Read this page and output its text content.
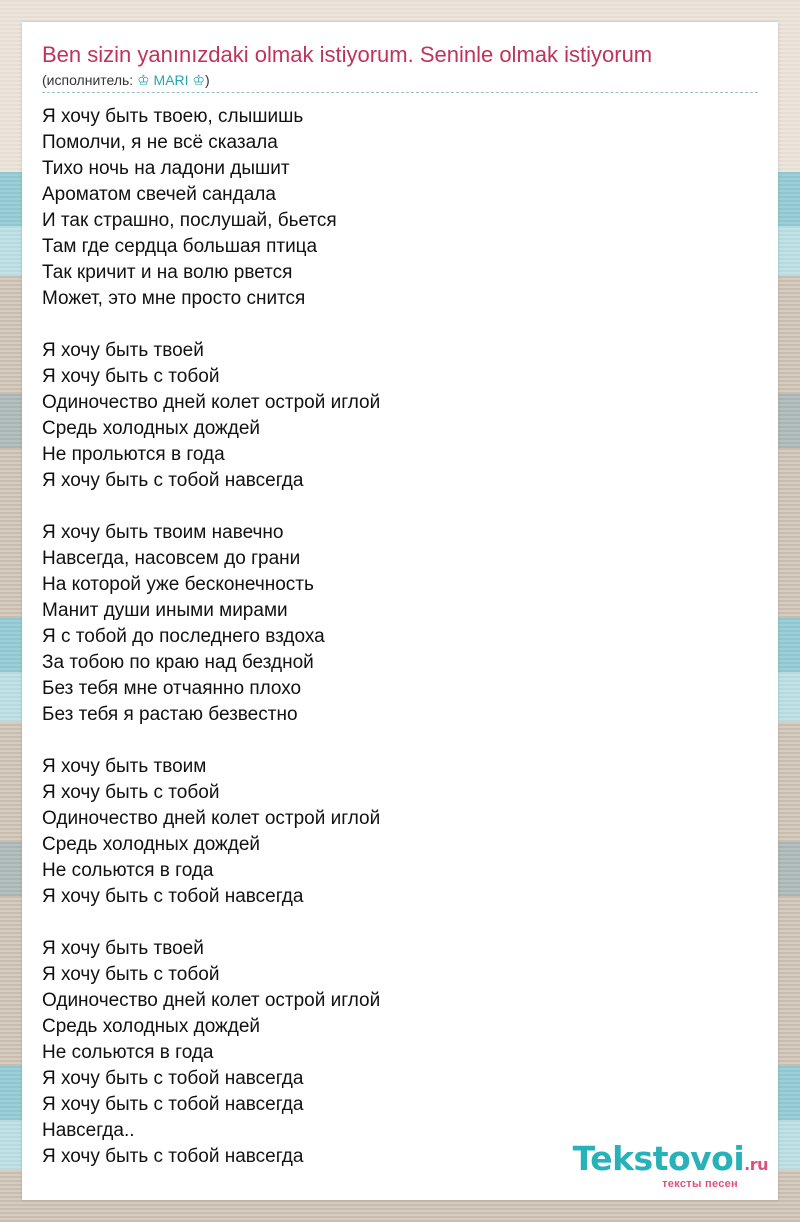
Ben sizin yanınızdaki olmak istiyorum. Seninle olmak istiyorum
(исполнитель: ♔ MARI ♔)
Я хочу быть твоею, слышишь
Помолчи, я не всё сказала
Тихо ночь на ладони дышит
Ароматом свечей сандала
И так страшно, послушай, бьется
Там где сердца большая птица
Так кричит и на волю рвется
Может, это мне просто снится
Я хочу быть твоей
Я хочу быть с тобой
Одиночество дней колет острой иглой
Средь холодных дождей
Не прольются в года
Я хочу быть с тобой навсегда
Я хочу быть твоим навечно
Навсегда, насовсем до грани
На которой уже бесконечность
Манит души иными мирами
Я с тобой до последнего вздоха
За тобою по краю над бездной
Без тебя мне отчаянно плохо
Без тебя я растаю безвестно
Я хочу быть твоим
Я хочу быть с тобой
Одиночество дней колет острой иглой
Средь холодных дождей
Не сольются в года
Я хочу быть с тобой навсегда
Я хочу быть твоей
Я хочу быть с тобой
Одиночество дней колет острой иглой
Средь холодных дождей
Не сольются в года
Я хочу быть с тобой навсегда
Я хочу быть с тобой навсегда
Навсегда..
Я хочу быть с тобой навсегда	Tekstovoi.ru
тексты песен
